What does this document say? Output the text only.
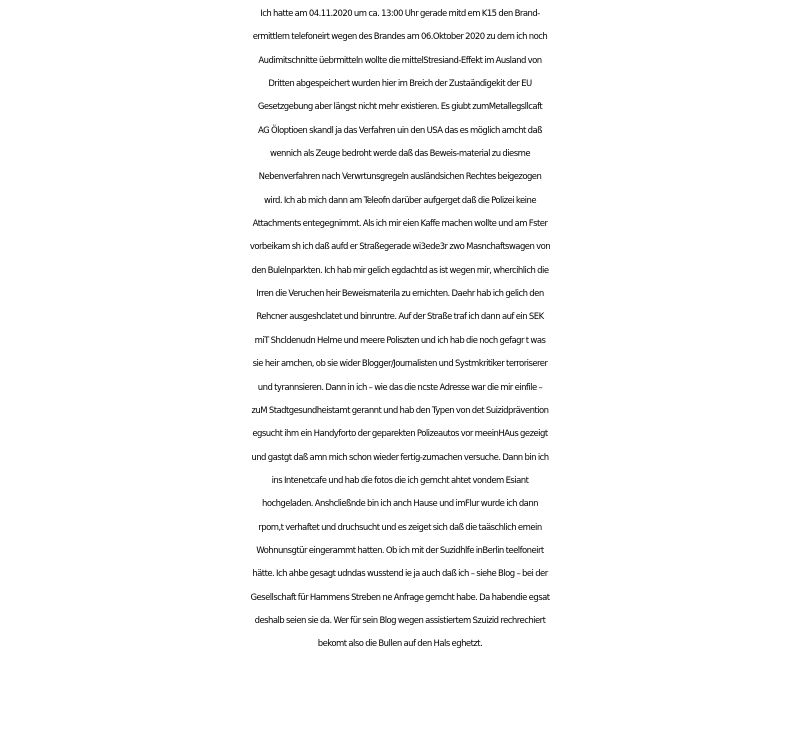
Ich hatte am 04.11.2020 um ca. 13:00 Uhr gerade mitd em K15 den Brand-
ermittlern telefoneirt wegen des Brandes am 06.Oktober 2020 zu dem ich noch
Audimitschnitte üebrmitteln wollte die mittelStresiand-Effekt im Ausland von
Dritten abgespeichert wurden hier im Breich der Zustaändigekit der EU
Gesetzgebung aber längst nicht mehr existieren. Es giubt zumMetallegsllcaft
AG Öloptioen skandl ja das Verfahren uin den USA das es möglich amcht daß
wennich als Zeuge bedroht werde daß das Beweis-material zu diesme
Nebenverfahren nach Verwrtunsgregeln ausländsichen Rechtes beigezogen
wird. Ich ab mich dann am Teleofn darüber aufgerget daß die Polizei keine
Attachments entegegnimmt. Als ich mir eien Kaffe machen wollte und am Fster
vorbeikam sh ich daß aufd er Straßegerade wi3ede3r zwo Masnchaftswagen von
den Bulelnparkten. Ich hab mir gelich egdachtd as ist wegen mir, whercihlich die
Irren die Veruchen heir Beweismaterila zu ernichten. Daehr hab ich gelich den
Rehcner ausgeshclatet und binruntre. Auf der Straße traf ich dann auf ein SEK
miT Shcldenudn Helme und meere Poliszten und ich hab die noch gefagr t was
sie heir amchen, ob sie wider Blogger/Journalisten und Systmkritiker terroriserer
und tyrannsieren. Dann in ich – wie das die ncste Adresse war die mir einfile –
zuM Stadtgesundheistamt gerannt und hab den Typen von det Suizidprävention
egsucht ihm ein Handyforto der geparekten Polizeautos vor meeinHAus gezeigt
und gastgt daß amn mich schon wieder fertig-zumachen versuche. Dann bin ich
ins Intenetcafe und hab die fotos die ich gemcht ahtet vondem Esiant
hochgeladen. Anshcließnde bin ich anch Hause und imFlur wurde ich dann
rpom,t verhaftet und druchsucht und es zeiget sich daß die taäschlich emein
Wohnunsgtür eingerammt hatten. Ob ich mit der Suzidhlfe inBerlin teelfoneirt
hätte. Ich ahbe gesagt udndas wusstend ie ja auch daß ich – siehe Blog – bei der
Gesellschaft für Hammens Streben ne Anfrage gemcht habe. Da habendie egsat
deshalb seien sie da. Wer für sein Blog wegen assistiertem Szuizid rechrechiert
bekomt also die Bullen auf den Hals eghetzt.
